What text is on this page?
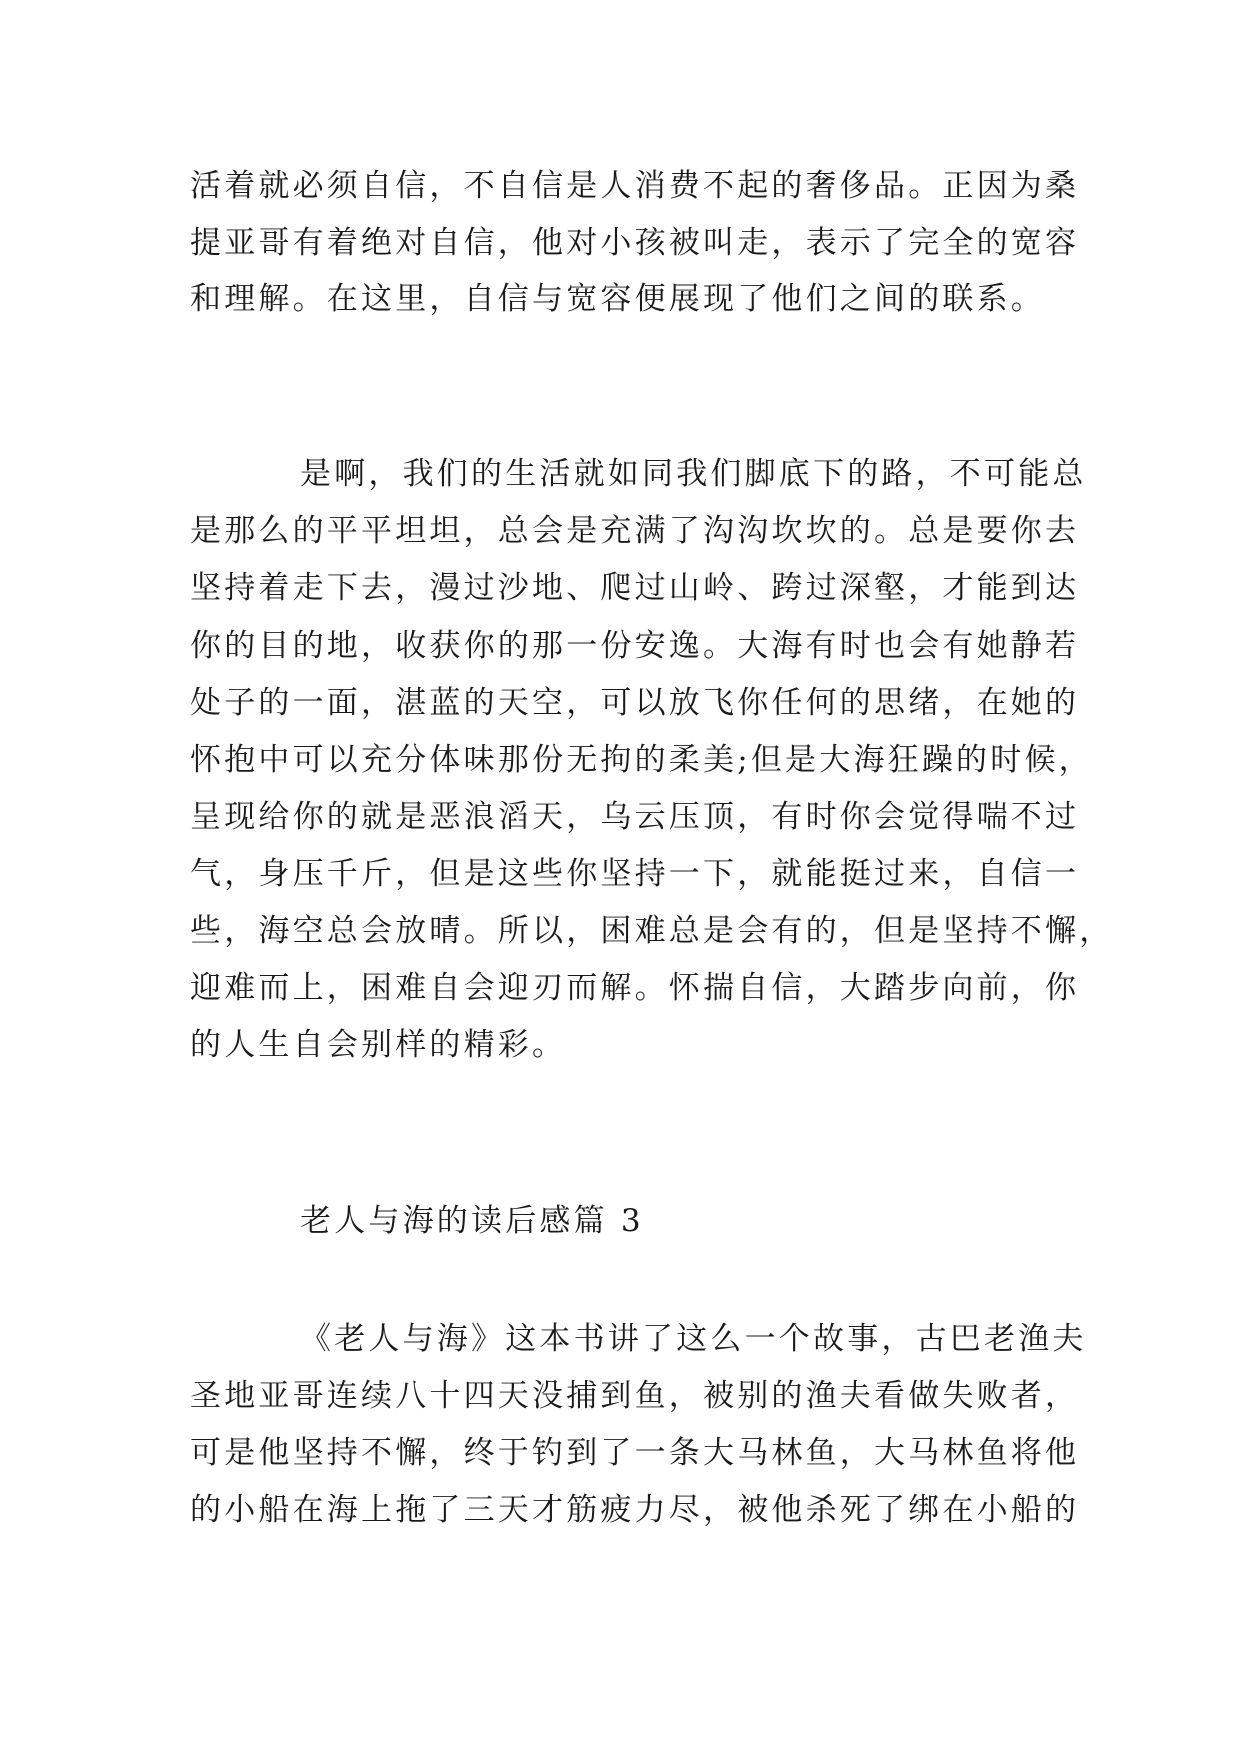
活着就必须自信，不自信是人消费不起的奢侈品。正因为桑
提亚哥有着绝对自信，他对小孩被叫走，表示了完全的宽容
和理解。在这里，自信与宽容便展现了他们之间的联系。
是啊，我们的生活就如同我们脚底下的路，不可能总
是那么的平平坦坦，总会是充满了沟沟坎坎的。总是要你去
坚持着走下去，漫过沙地、爬过山岭、跨过深壑，才能到达
你的目的地，收获你的那一份安逸。大海有时也会有她静若
处子的一面，湛蓝的天空，可以放飞你任何的思绪，在她的
怀抱中可以充分体味那份无拘的柔美;但是大海狂躁的时候，
呈现给你的就是恶浪滔天，乌云压顶，有时你会觉得喘不过
气，身压千斤，但是这些你坚持一下，就能挺过来，自信一
些，海空总会放晴。所以，困难总是会有的，但是坚持不懈，
迎难而上，困难自会迎刃而解。怀揣自信，大踏步向前，你
的人生自会别样的精彩。
老人与海的读后感篇 3
《老人与海》这本书讲了这么一个故事，古巴老渔夫
圣地亚哥连续八十四天没捕到鱼，被别的渔夫看做失败者，
可是他坚持不懈，终于钓到了一条大马林鱼，大马林鱼将他
的小船在海上拖了三天才筋疲力尽，被他杀死了绑在小船的
